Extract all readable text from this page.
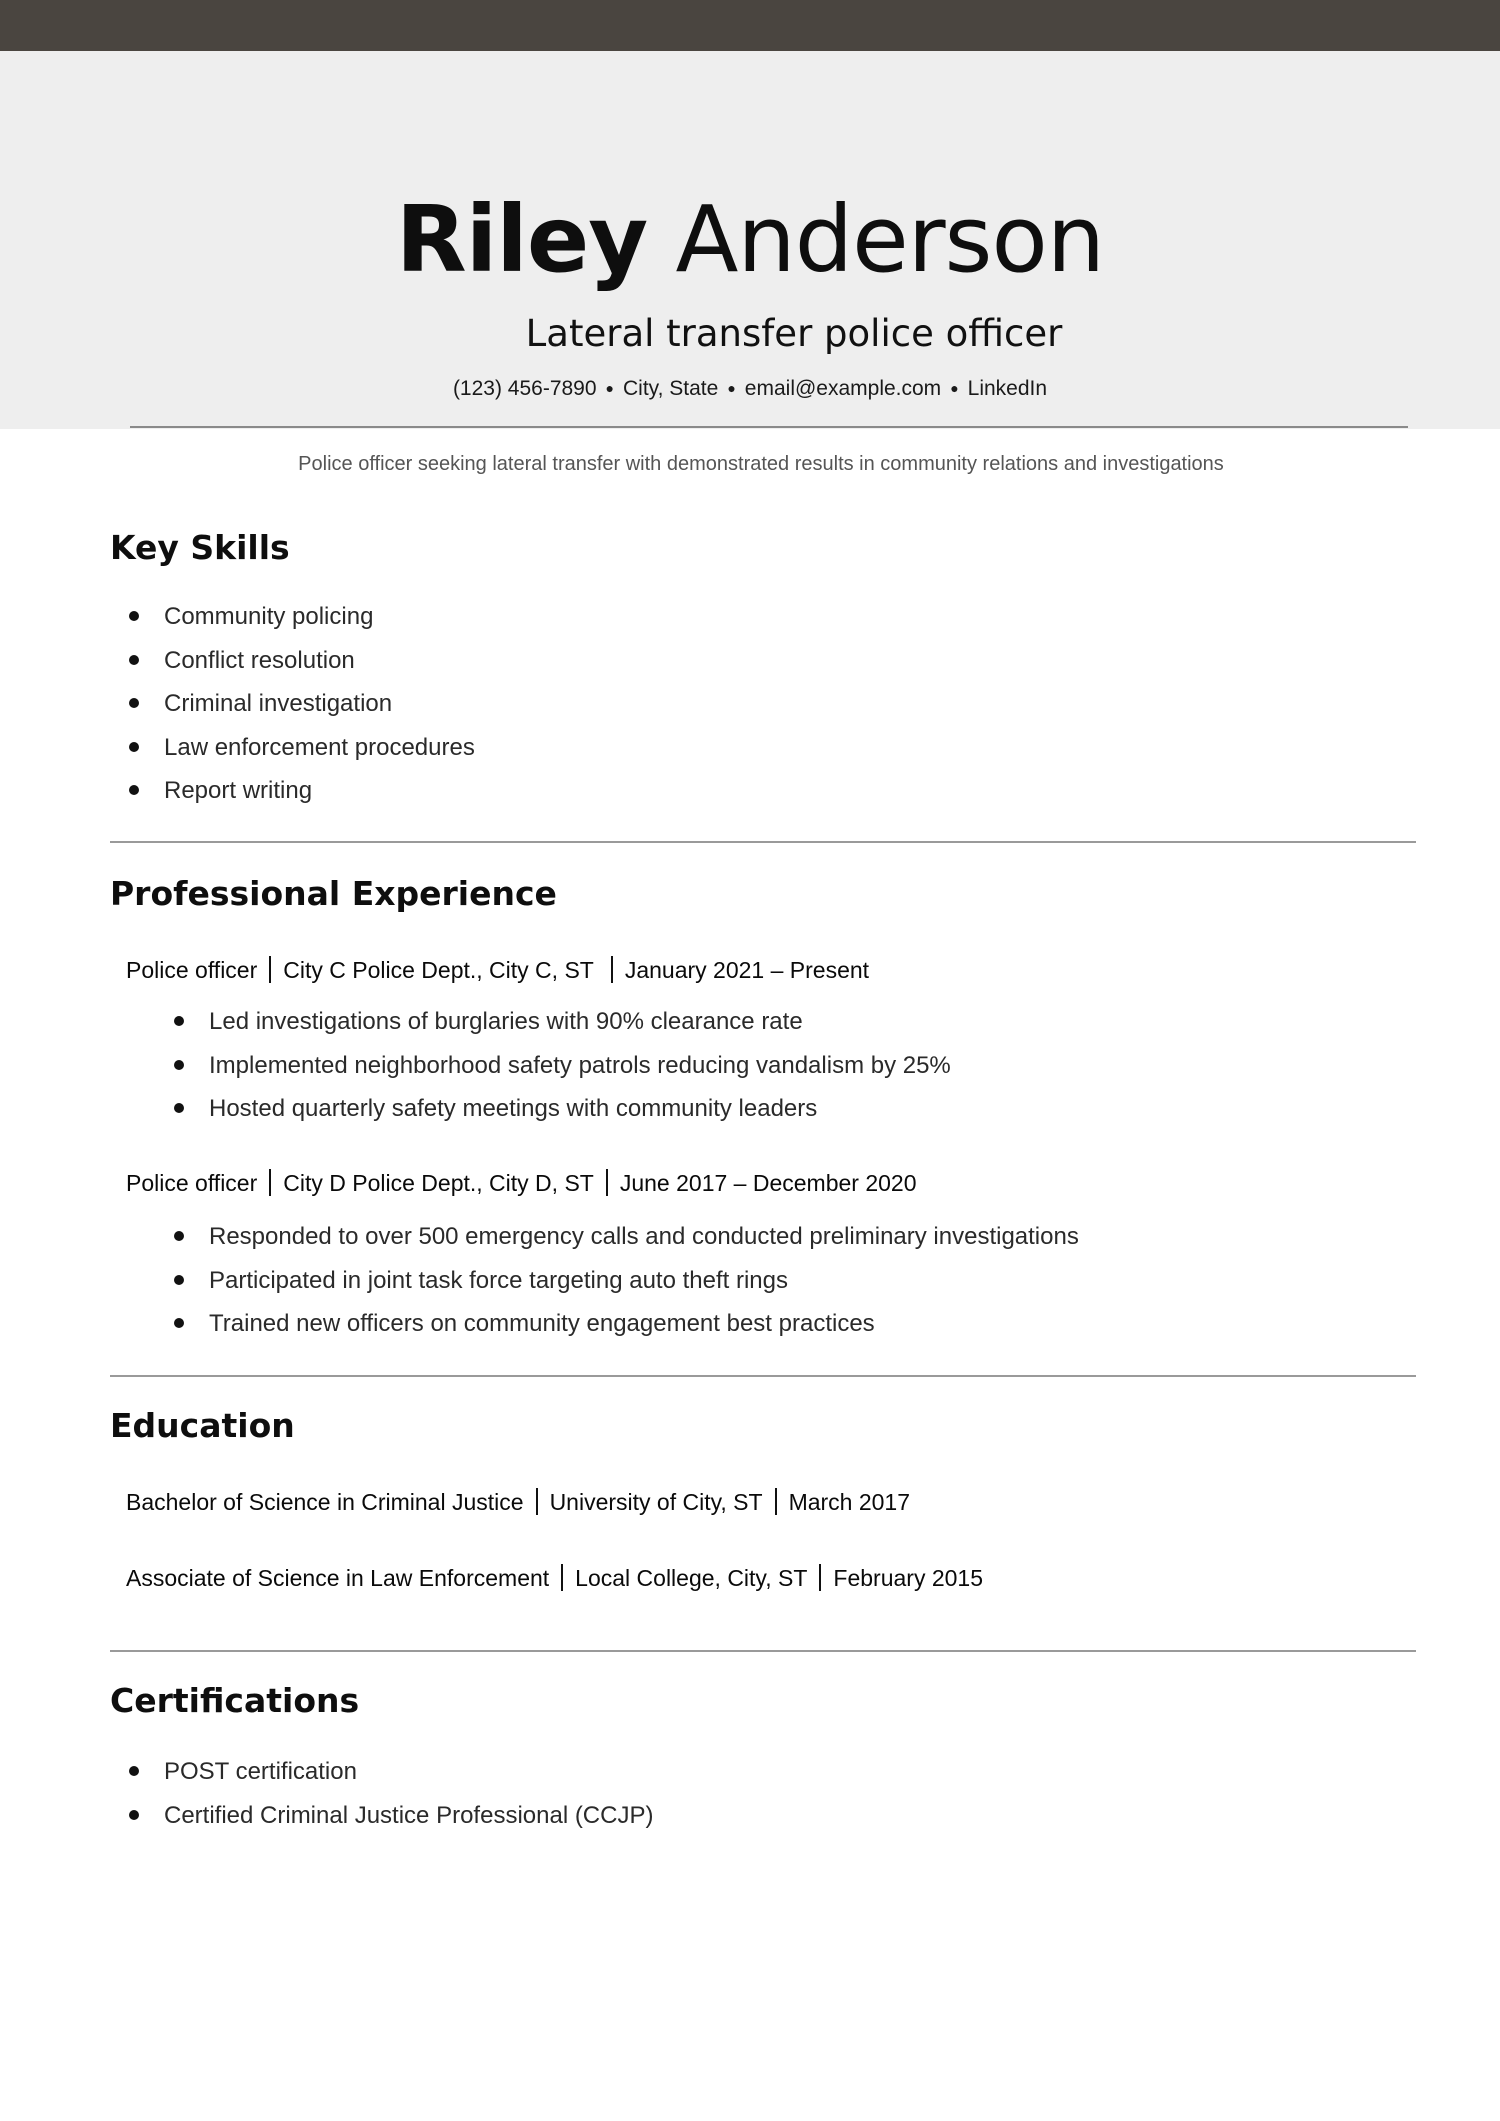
Riley Anderson
Lateral transfer police officer
(123) 456-7890 ● City, State ● email@example.com ● LinkedIn
Police officer seeking lateral transfer with demonstrated results in community relations and investigations
Key Skills
Community policing
Conflict resolution
Criminal investigation
Law enforcement procedures
Report writing
Professional Experience
Police officer City C Police Dept., City C, ST January 2021 – Present
Led investigations of burglaries with 90% clearance rate
Implemented neighborhood safety patrols reducing vandalism by 25%
Hosted quarterly safety meetings with community leaders
Police officer City D Police Dept., City D, ST June 2017 – December 2020
Responded to over 500 emergency calls and conducted preliminary investigations
Participated in joint task force targeting auto theft rings
Trained new officers on community engagement best practices
Education
Bachelor of Science in Criminal Justice University of City, ST March 2017
Associate of Science in Law Enforcement Local College, City, ST February 2015
Certifications
POST certification
Certified Criminal Justice Professional (CCJP)
